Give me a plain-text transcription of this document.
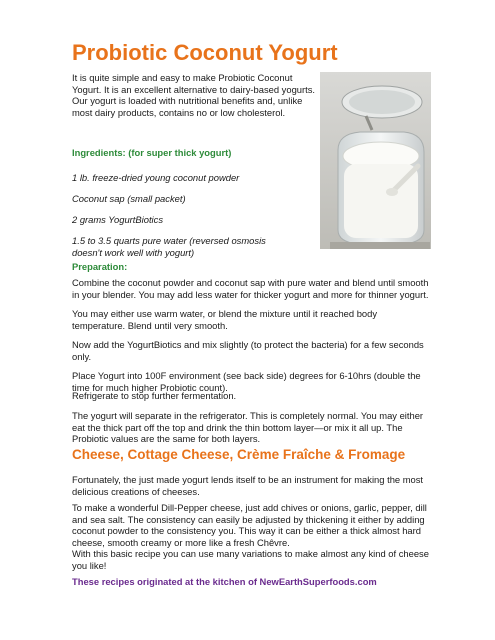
Probiotic Coconut Yogurt

It is quite simple and easy to make Probiotic Coconut Yogurt. It is an excellent alternative to dairy-based yogurts. Our yogurt is loaded with nutritional benefits and, unlike most dairy products, contains no or low cholesterol.

Ingredients: (for super thick yogurt)

1 lb. freeze-dried young coconut powder

Coconut sap (small packet)

2 grams YogurtBiotics

1.5 to 3.5 quarts pure water (reversed osmosis doesn't work well with yogurt)

Preparation:

Combine the coconut powder and coconut sap with pure water and blend until smooth in your blender. You may add less water for thicker yogurt and more for thinner yogurt.

You may either use warm water, or blend the mixture until it reached body temperature. Blend until very smooth.

Now add the YogurtBiotics and mix slightly (to protect the bacteria) for a few seconds only.

Place Yogurt into 100F environment (see back side) degrees for 6-10hrs (double the time for much higher Probiotic count).

Refrigerate to stop further fermentation.

The yogurt will separate in the refrigerator. This is completely normal. You may either eat the thick part off the top and drink the thin bottom layer—or mix it all up. The Probiotic values are the same for both layers.

Cheese, Cottage Cheese, Crème Fraîche & Fromage

Fortunately, the just made yogurt lends itself to be an instrument for making the most delicious creations of cheeses.

To make a wonderful Dill-Pepper cheese, just add chives or onions, garlic, pepper, dill and sea salt. The consistency can easily be adjusted by thickening it either by adding coconut powder to the consistency you. This way it can be either a thick almost hard cheese, smooth creamy or more like a fresh Chêvre.

With this basic recipe you can use many variations to make almost any kind of cheese you like!

These recipes originated at the kitchen of NewEarthSuperfoods.com
